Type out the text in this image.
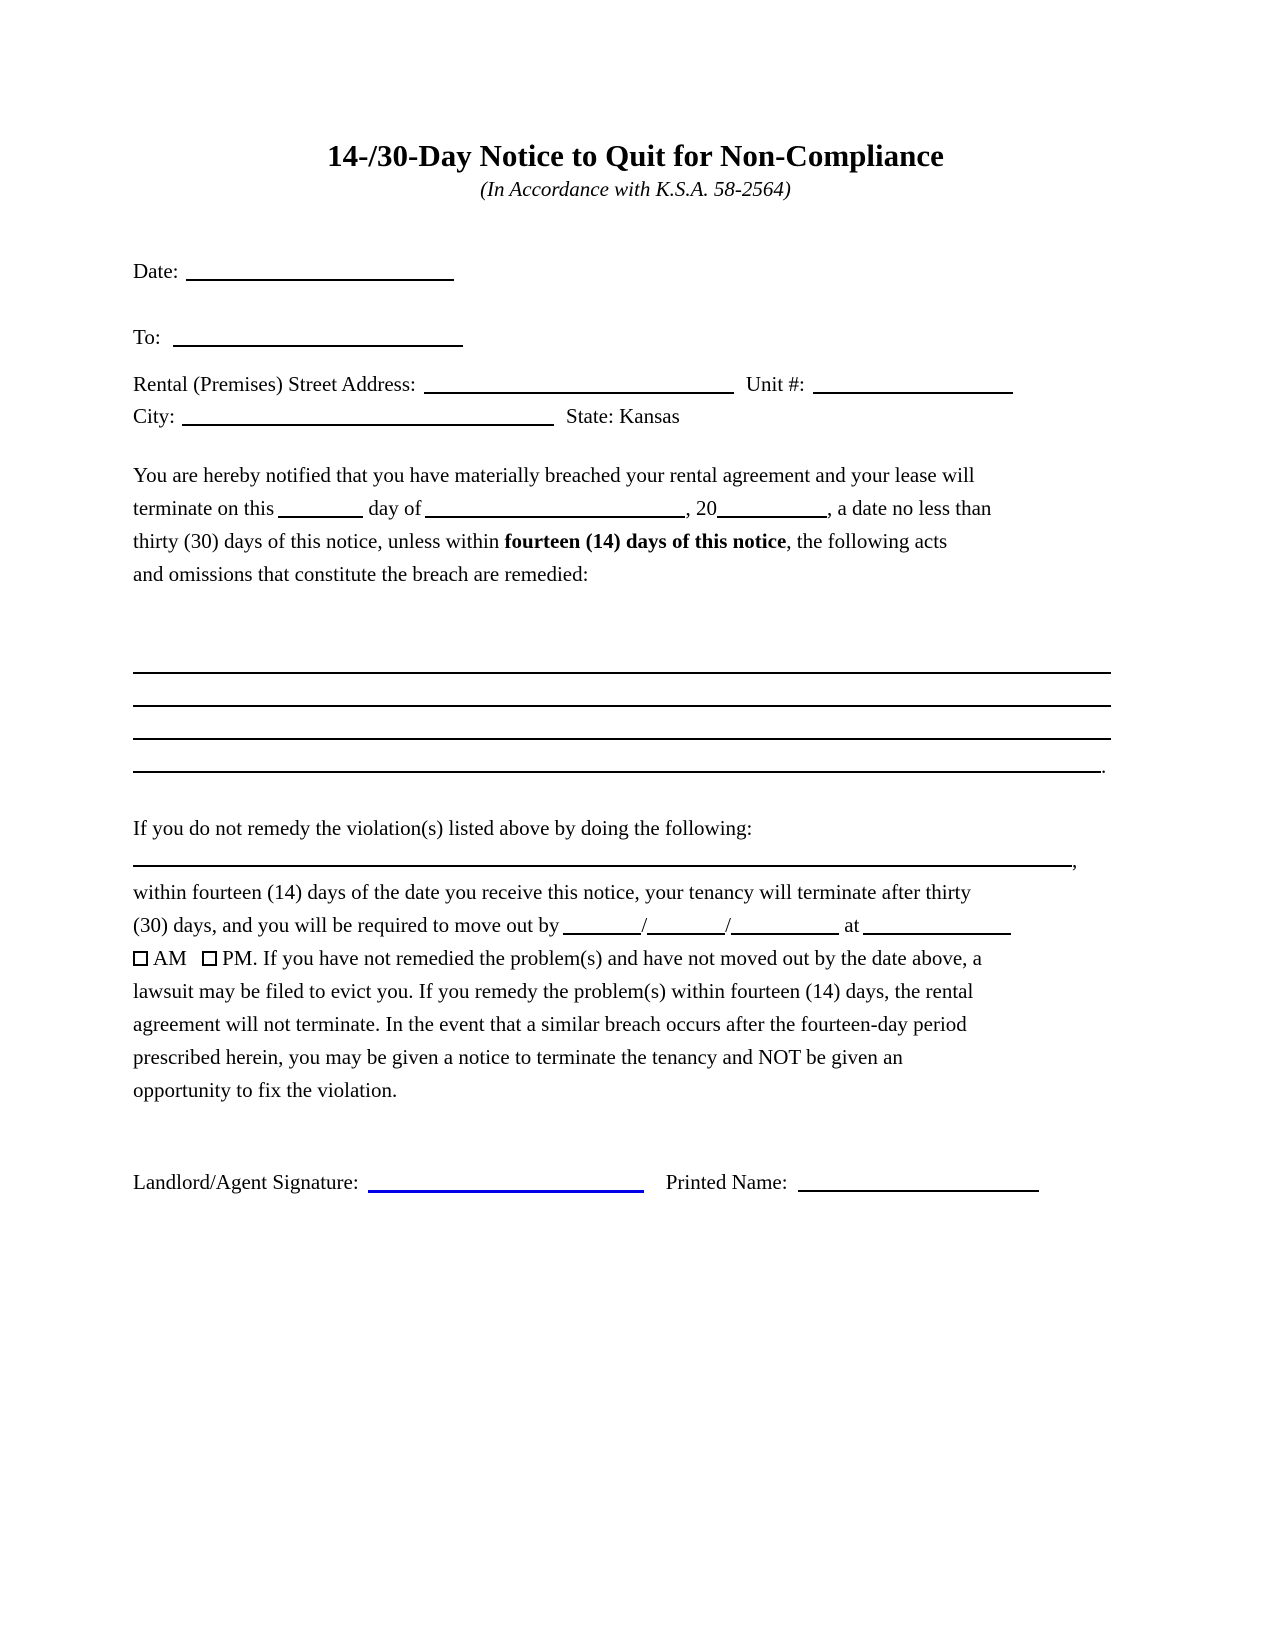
14-/30-Day Notice to Quit for Non-Compliance
(In Accordance with K.S.A. 58-2564)
Date:
To:
Rental (Premises) Street Address:	Unit #:
City:	State: Kansas
You are hereby notified that you have materially breached your rental agreement and your lease will
terminate on this	day of	, 20	, a date no less than
thirty (30) days of this notice, unless within fourteen (14) days of this notice, the following acts
and omissions that constitute the breach are remedied:
.
If you do not remedy the violation(s) listed above by doing the following:
,
within fourteen (14) days of the date you receive this notice, your tenancy will terminate after thirty
(30) days, and you will be required to move out by	/	/	at
AM PM. If you have not remedied the problem(s) and have not moved out by the date above, a
lawsuit may be filed to evict you. If you remedy the problem(s) within fourteen (14) days, the rental
agreement will not terminate. In the event that a similar breach occurs after the fourteen-day period
prescribed herein, you may be given a notice to terminate the tenancy and NOT be given an
opportunity to fix the violation.
Landlord/Agent Signature:	Printed Name:
